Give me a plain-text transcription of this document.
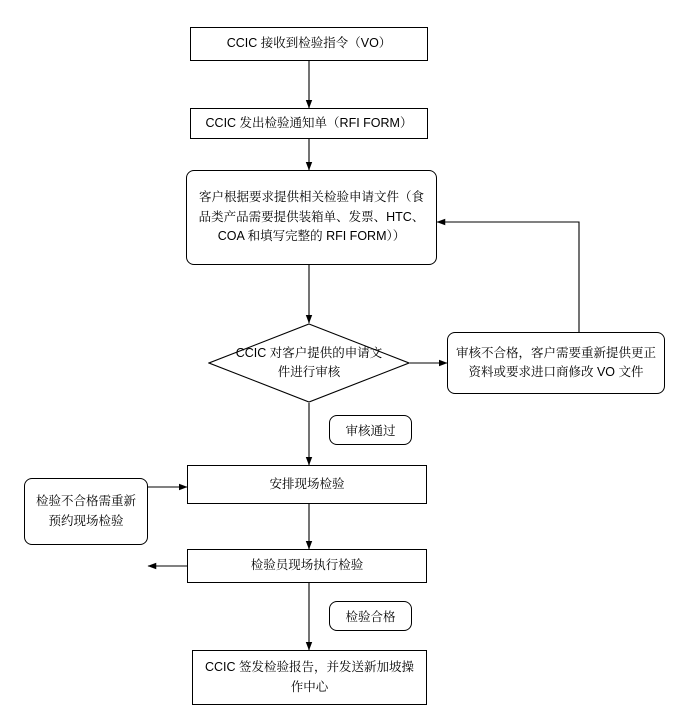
CCIC 接收到检验指令（VO）
CCIC 发出检验通知单（RFI FORM）
客户根据要求提供相关检验申请文件（食品类产品需要提供装箱单、发票、HTC、COA 和填写完整的 RFI FORM））
CCIC 对客户提供的申请文件进行审核
审核不合格，客户需要重新提供更正资料或要求进口商修改 VO 文件
审核通过
安排现场检验
检验不合格需重新预约现场检验
检验员现场执行检验
检验合格
CCIC 签发检验报告，并发送新加坡操作中心
